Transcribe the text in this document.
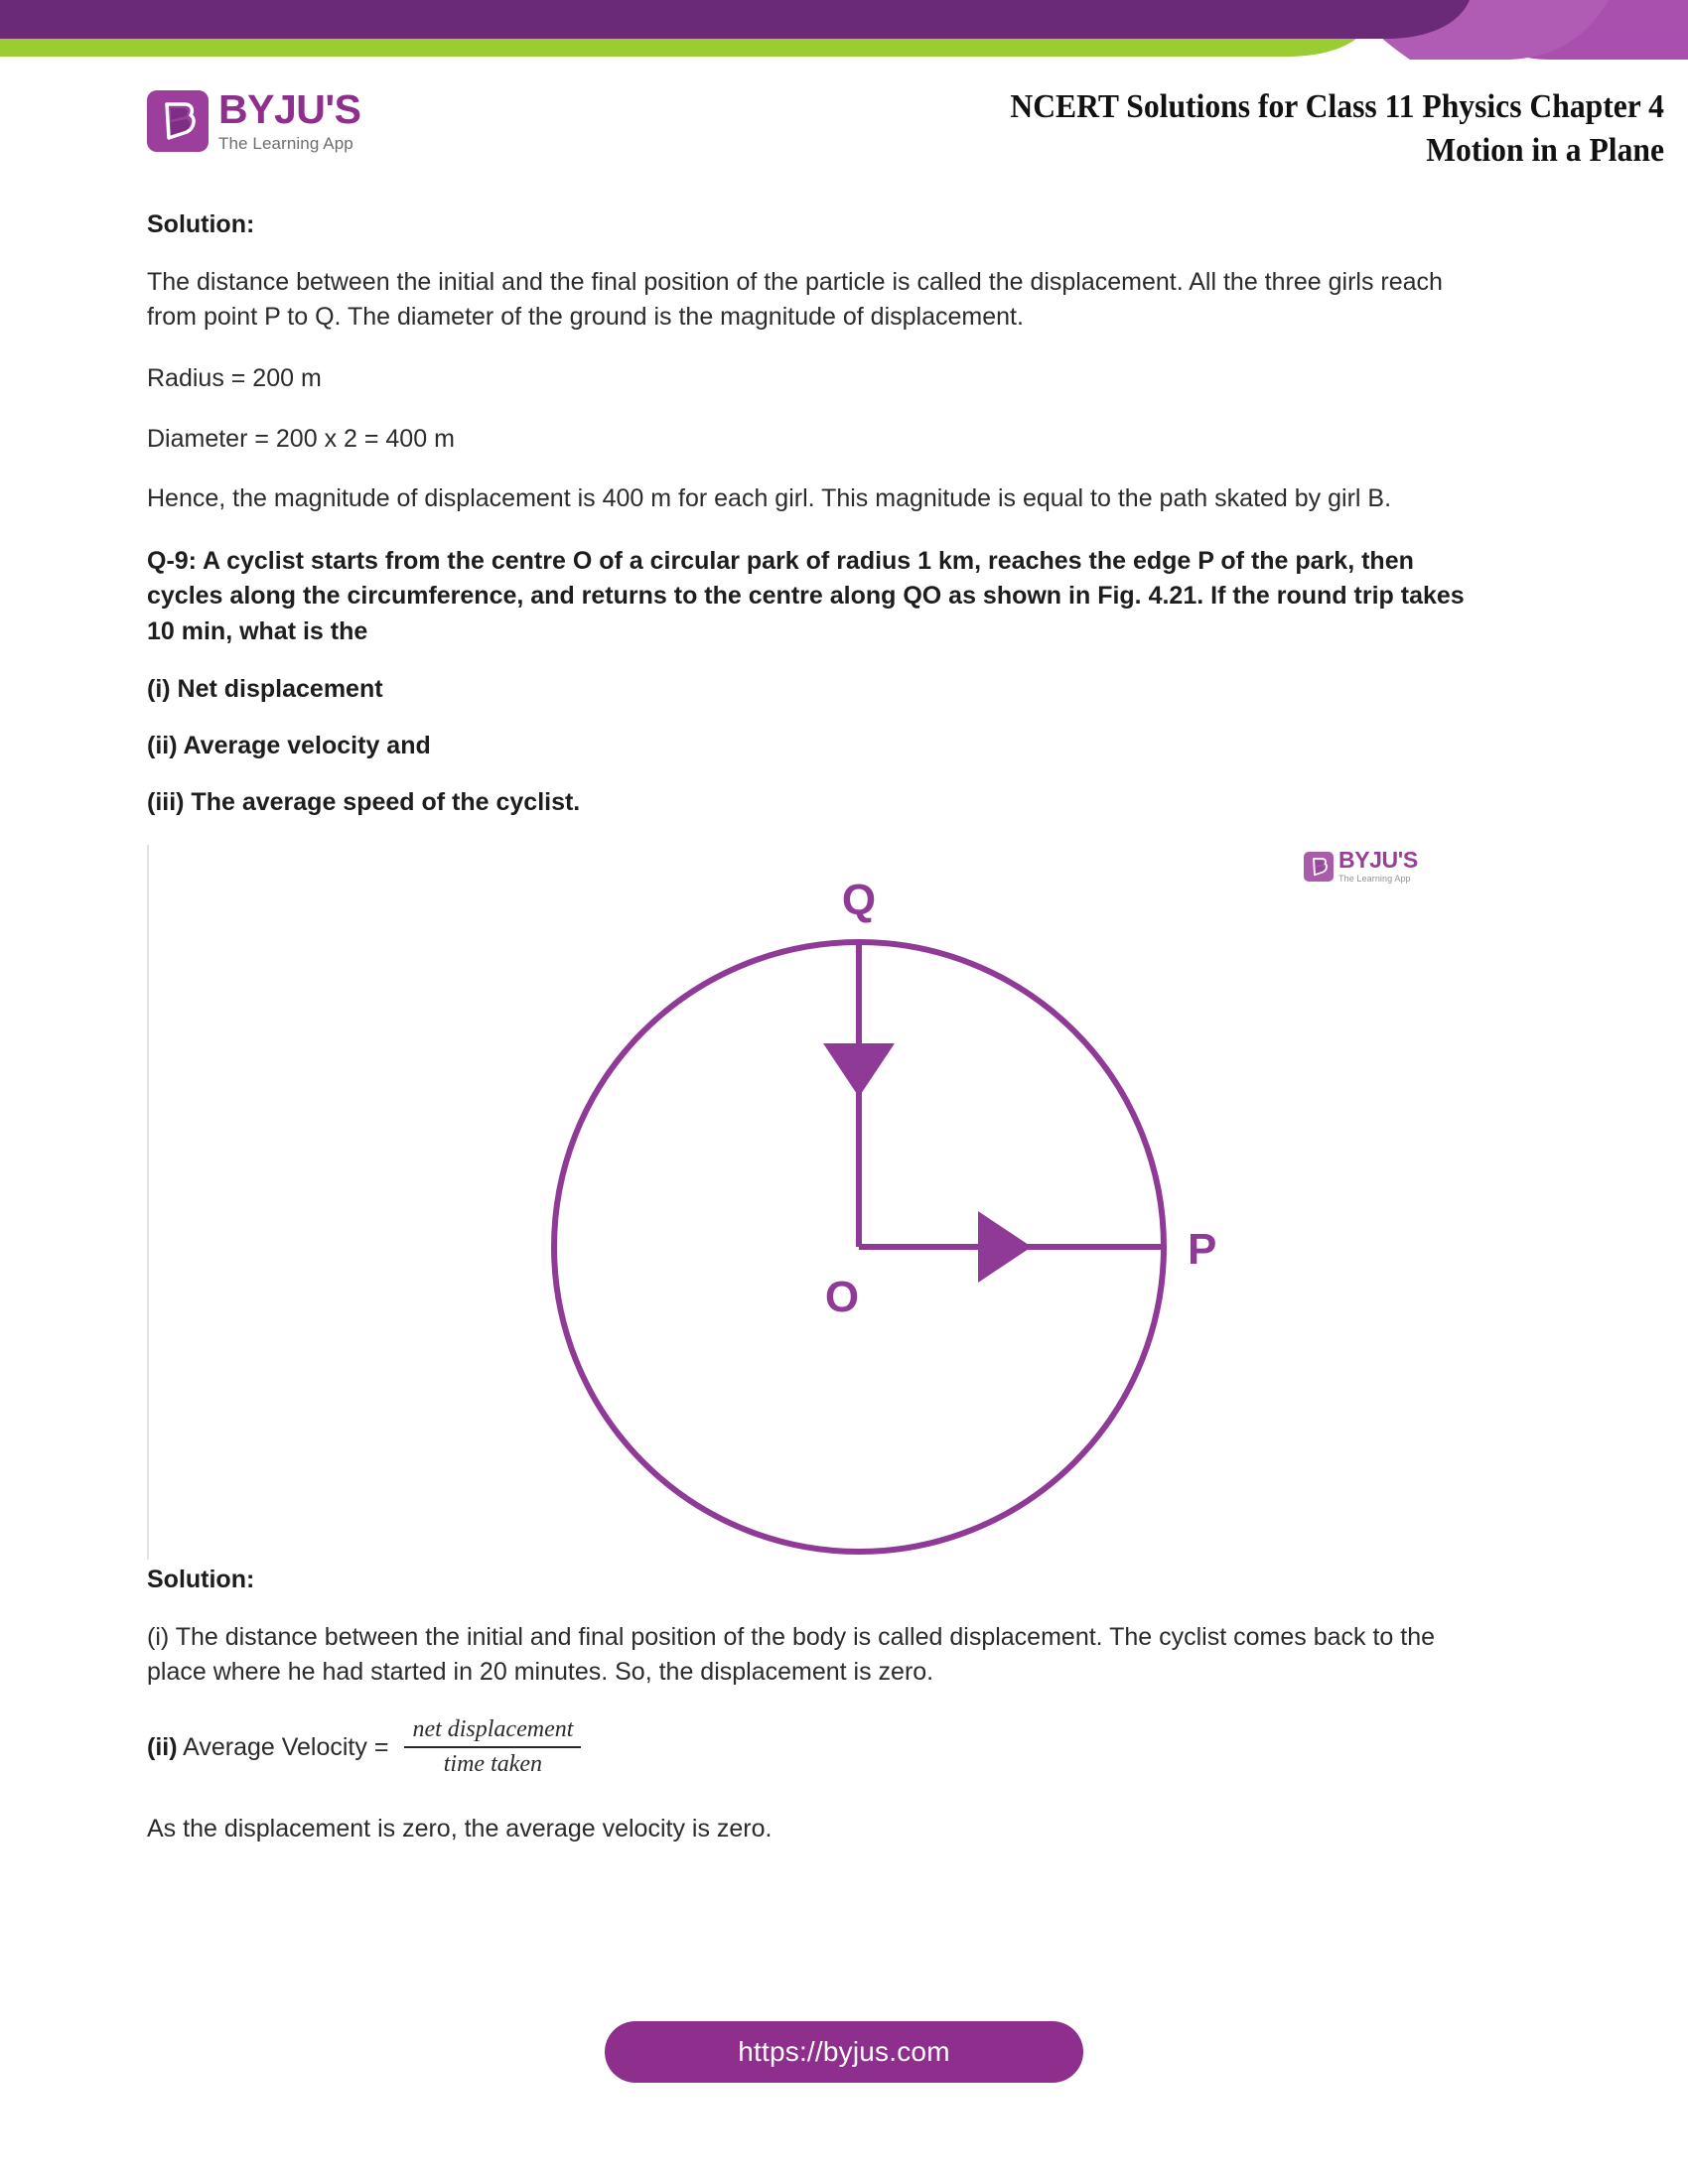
BYJU'S
The Learning App
NCERT Solutions for Class 11 Physics Chapter 4
Motion in a Plane
Solution:

The distance between the initial and the final position of the particle is called the displacement. All the three girls reach from point P to Q. The diameter of the ground is the magnitude of displacement.

Radius = 200 m

Diameter = 200 x 2 = 400 m

Hence, the magnitude of displacement is 400 m for each girl. This magnitude is equal to the path skated by girl B.

Q-9: A cyclist starts from the centre O of a circular park of radius 1 km, reaches the edge P of the park, then cycles along the circumference, and returns to the centre along QO as shown in Fig. 4.21. If the round trip takes 10 min, what is the

(i) Net displacement

(ii) Average velocity and

(iii) The average speed of the cyclist.

Q
O
P
BYJU'S
The Learning App
Solution:

(i) The distance between the initial and final position of the body is called displacement. The cyclist comes back to the place where he had started in 20 minutes. So, the displacement is zero.

(ii) Average Velocity = $\frac{\text{net displacement}}{\text{time taken}}$

As the displacement is zero, the average velocity is zero.

https://byjus.com
